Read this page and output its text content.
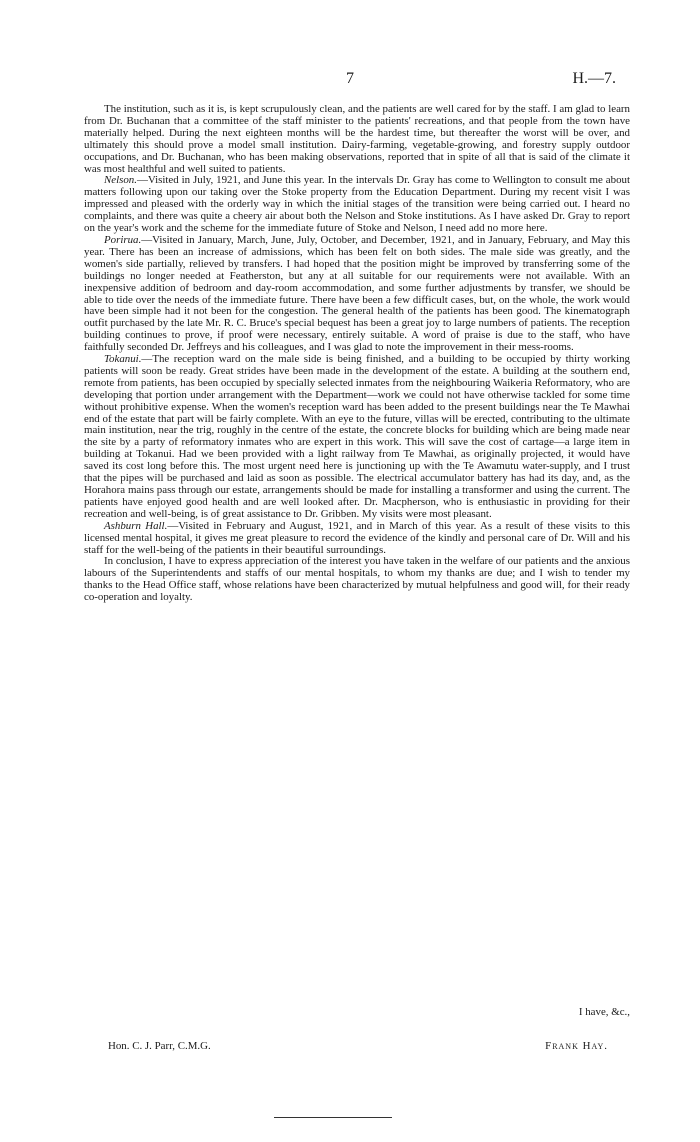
7	H.—7.

The institution, such as it is, is kept scrupulously clean, and the patients are well cared for by the staff. I am glad to learn from Dr. Buchanan that a committee of the staff minister to the patients' recreations, and that people from the town have materially helped. During the next eighteen months will be the hardest time, but thereafter the worst will be over, and ultimately this should prove a model small institution. Dairy-farming, vegetable-growing, and forestry supply outdoor occupations, and Dr. Buchanan, who has been making observations, reported that in spite of all that is said of the climate it was most healthful and well suited to patients.

Nelson.—Visited in July, 1921, and June this year. In the intervals Dr. Gray has come to Wellington to consult me about matters following upon our taking over the Stoke property from the Education Department. During my recent visit I was impressed and pleased with the orderly way in which the initial stages of the transition were being carried out. I heard no complaints, and there was quite a cheery air about both the Nelson and Stoke institutions. As I have asked Dr. Gray to report on the year's work and the scheme for the immediate future of Stoke and Nelson, I need add no more here.

Porirua.—Visited in January, March, June, July, October, and December, 1921, and in January, February, and May this year. There has been an increase of admissions, which has been felt on both sides. The male side was greatly, and the women's side partially, relieved by transfers. I had hoped that the position might be improved by transferring some of the buildings no longer needed at Featherston, but any at all suitable for our requirements were not available. With an inexpensive addition of bedroom and day-room accommodation, and some further adjustments by transfer, we should be able to tide over the needs of the immediate future. There have been a few difficult cases, but, on the whole, the work would have been simple had it not been for the congestion. The general health of the patients has been good. The kinematograph outfit purchased by the late Mr. R. C. Bruce's special bequest has been a great joy to large numbers of patients. The reception building continues to prove, if proof were necessary, entirely suitable. A word of praise is due to the staff, who have faithfully seconded Dr. Jeffreys and his colleagues, and I was glad to note the improvement in their mess-rooms.

Tokanui.—The reception ward on the male side is being finished, and a building to be occupied by thirty working patients will soon be ready. Great strides have been made in the development of the estate. A building at the southern end, remote from patients, has been occupied by specially selected inmates from the neighbouring Waikeria Reformatory, who are developing that portion under arrangement with the Department—work we could not have otherwise tackled for some time without prohibitive expense. When the women's reception ward has been added to the present buildings near the Te Mawhai end of the estate that part will be fairly complete. With an eye to the future, villas will be erected, contributing to the ultimate main institution, near the trig, roughly in the centre of the estate, the concrete blocks for building which are being made near the site by a party of reformatory inmates who are expert in this work. This will save the cost of cartage—a large item in building at Tokanui. Had we been provided with a light railway from Te Mawhai, as originally projected, it would have saved its cost long before this. The most urgent need here is junctioning up with the Te Awamutu water-supply, and I trust that the pipes will be purchased and laid as soon as possible. The electrical accumulator battery has had its day, and, as the Horahora mains pass through our estate, arrangements should be made for installing a transformer and using the current. The patients have enjoyed good health and are well looked after. Dr. Macpherson, who is enthusiastic in providing for their recreation and well-being, is of great assistance to Dr. Gribben. My visits were most pleasant.

Ashburn Hall.—Visited in February and August, 1921, and in March of this year. As a result of these visits to this licensed mental hospital, it gives me great pleasure to record the evidence of the kindly and personal care of Dr. Will and his staff for the well-being of the patients in their beautiful surroundings.

In conclusion, I have to express appreciation of the interest you have taken in the welfare of our patients and the anxious labours of the Superintendents and staffs of our mental hospitals, to whom my thanks are due; and I wish to tender my thanks to the Head Office staff, whose relations have been characterized by mutual helpfulness and good will, for their ready co-operation and loyalty.

I have, &c.,
Hon. C. J. Parr, C.M.G.	Frank Hay.
